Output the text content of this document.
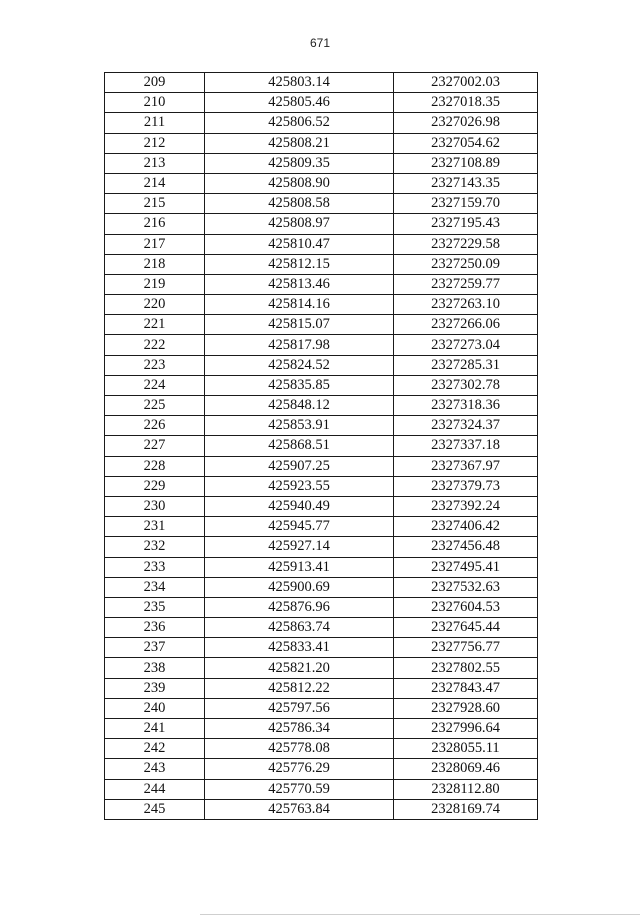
671
209	425803.14	2327002.03
210	425805.46	2327018.35
211	425806.52	2327026.98
212	425808.21	2327054.62
213	425809.35	2327108.89
214	425808.90	2327143.35
215	425808.58	2327159.70
216	425808.97	2327195.43
217	425810.47	2327229.58
218	425812.15	2327250.09
219	425813.46	2327259.77
220	425814.16	2327263.10
221	425815.07	2327266.06
222	425817.98	2327273.04
223	425824.52	2327285.31
224	425835.85	2327302.78
225	425848.12	2327318.36
226	425853.91	2327324.37
227	425868.51	2327337.18
228	425907.25	2327367.97
229	425923.55	2327379.73
230	425940.49	2327392.24
231	425945.77	2327406.42
232	425927.14	2327456.48
233	425913.41	2327495.41
234	425900.69	2327532.63
235	425876.96	2327604.53
236	425863.74	2327645.44
237	425833.41	2327756.77
238	425821.20	2327802.55
239	425812.22	2327843.47
240	425797.56	2327928.60
241	425786.34	2327996.64
242	425778.08	2328055.11
243	425776.29	2328069.46
244	425770.59	2328112.80
245	425763.84	2328169.74
